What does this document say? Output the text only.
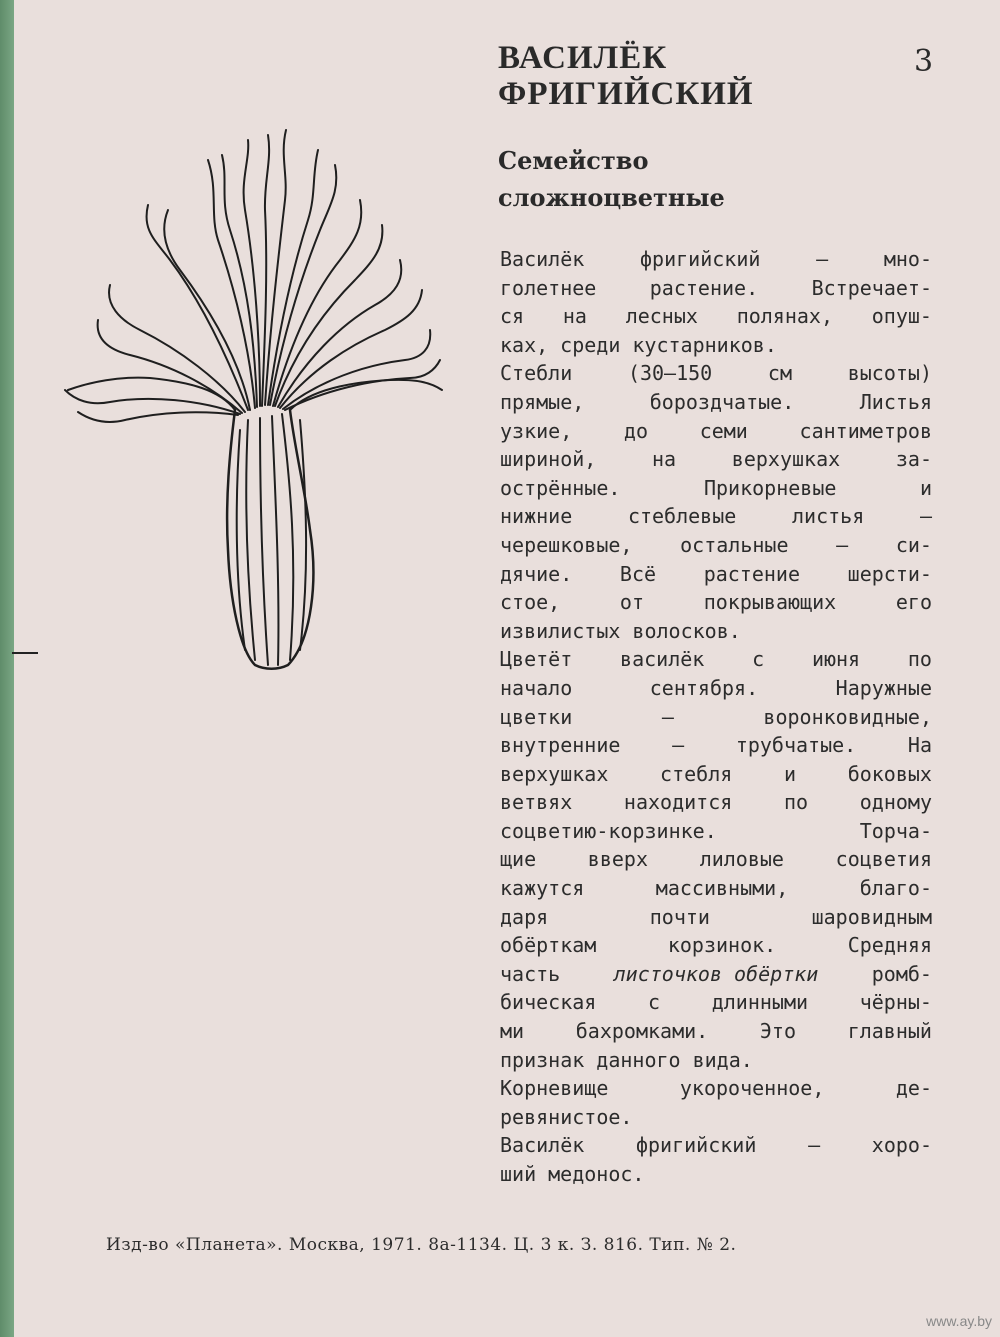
ВАСИЛЁК
ФРИГИЙСКИЙ
3
Семейство
сложноцветные
Василёк	фригийский	—	мно-
голетнее	растение.	Встречает-
ся на лесных полянах, опуш-
ках, среди кустарников.
Стебли	(30—150	см	высоты)
прямые,	бороздчатые.	Листья
узкие,	до	семи	сантиметров
шириной,	на	верхушках	за-
острённые.	Прикорневые	и
нижние	стеблевые	листья	—
черешковые, остальные — си-
дячие. Всё растение шерсти-
стое,	от	покрывающих	его
извилистых волосков.
Цветёт василёк с июня по
начало	сентября.	Наружные
цветки	—	воронковидные,
внутренние	—	трубчатые.	На
верхушках	стебля	и	боковых
ветвях	находится	по	одному
соцветию-корзинке.	Торча-
щие	вверх	лиловые	соцветия
кажутся	массивными,	благо-
даря	почти	шаровидным
обёрткам	корзинок.	Средняя
часть	листочков обёртки	ромб-
бическая	с	длинными	чёрны-
ми	бахромками.	Это	главный
признак данного вида.
Корневище	укороченное,	де-
ревянистое.
Василёк	фригийский	—	хоро-
ший медонос.
Изд-во «Планета». Москва, 1971. 8а-1134. Ц. 3 к. З. 816. Тип. № 2.
www.ay.by
